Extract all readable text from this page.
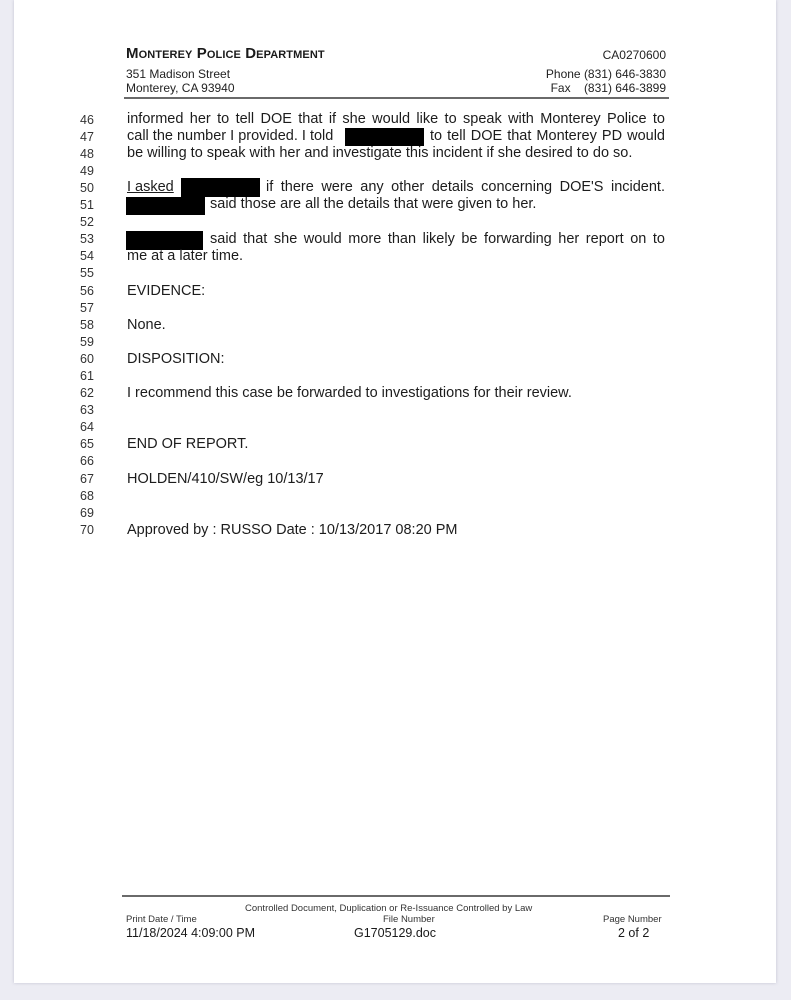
Monterey Police Department
351 Madison Street
Monterey, CA 93940
CA0270600
Phone (831) 646-3830
Fax (831) 646-3899
46
47
48
49
50
51
52
53
54
55
56
57
58
59
60
61
62
63
64
65
66
67
68
69
70
informed her to tell DOE that if she would like to speak with Monterey Police to
call the number I provided. I told	to tell DOE that Monterey PD would
be willing to speak with her and investigate this incident if she desired to do so.
I asked	if there were any other details concerning DOE'S incident.
said those are all the details that were given to her.
said that she would more than likely be forwarding her report on to
me at a later time.
EVIDENCE:
None.
DISPOSITION:
I recommend this case be forwarded to investigations for their review.
END OF REPORT.
HOLDEN/410/SW/eg 10/13/17
Approved by : RUSSO Date : 10/13/2017 08:20 PM
Controlled Document, Duplication or Re-Issuance Controlled by Law
Print Date / Time
11/18/2024 4:09:00 PM
File Number
G1705129.doc
Page Number
2 of 2
